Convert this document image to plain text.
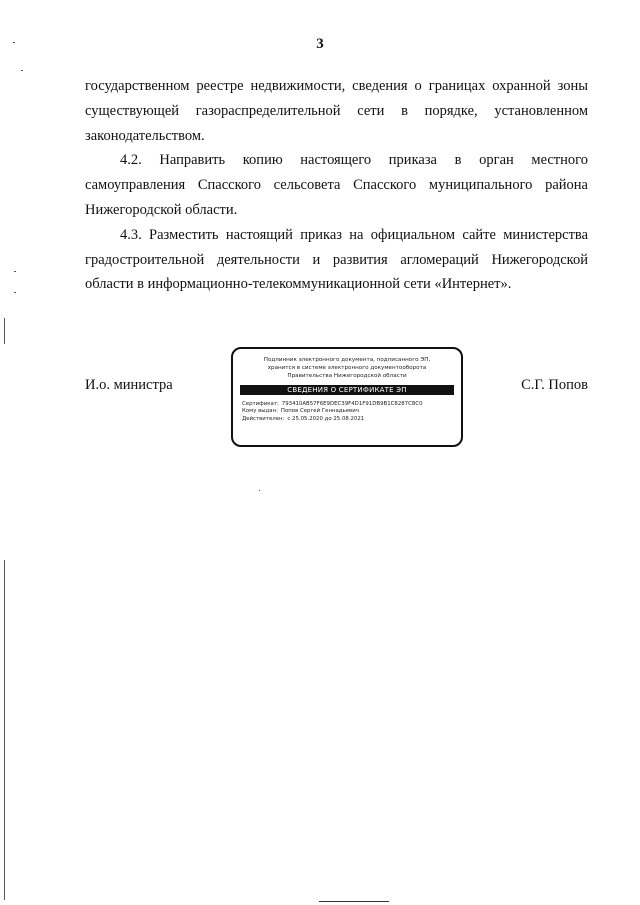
3

государственном реестре недвижимости, сведения о границах охранной зоны
существующей газораспределительной сети в порядке, установленном
законодательством.

4.2. Направить копию настоящего приказа в орган местного
самоуправления Спасского сельсовета Спасского муниципального района
Нижегородской области.

4.3. Разместить настоящий приказ на официальном сайте министерства
градостроительной деятельности и развития агломераций Нижегородской
области в информационно-телекоммуникационной сети «Интернет».

И.о. министра	С.Г. Попов
Подлинник электронного документа, подписанного ЭП,
хранится в системе электронного документооборота
Правительства Нижегородской области
СВЕДЕНИЯ О СЕРТИФИКАТЕ ЭП
Сертификат: 793410AB57F6E9DEC39F4D1F91DB9B1C8287C8C0
Кому выдан: Попов Сергей Геннадьевич
Действителен: с 25.05.2020 до 25.08.2021
